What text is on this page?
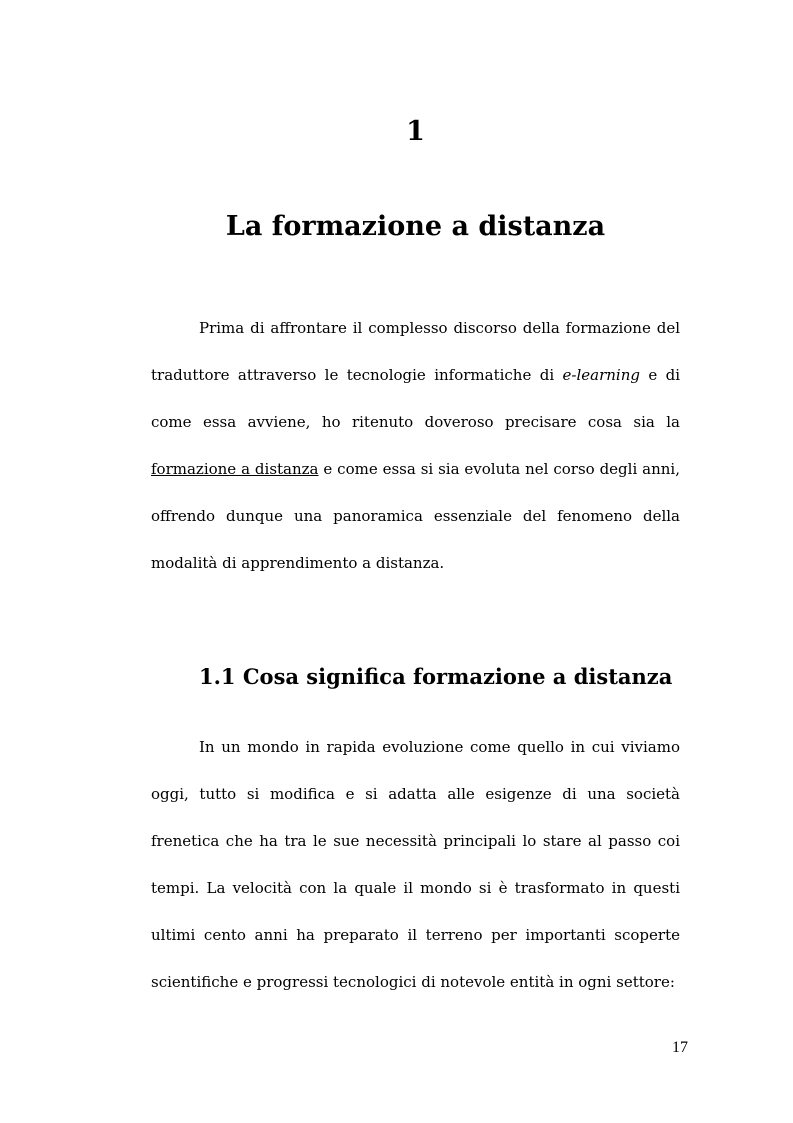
1
La formazione a distanza

Prima di affrontare il complesso discorso della formazione del traduttore attraverso le tecnologie informatiche di e-learning e di come essa avviene, ho ritenuto doveroso precisare cosa sia la formazione a distanza e come essa si sia evoluta nel corso degli anni, offrendo dunque una panoramica essenziale del fenomeno della modalità di apprendimento a distanza.

1.1 Cosa significa formazione a distanza

In un mondo in rapida evoluzione come quello in cui viviamo oggi, tutto si modifica e si adatta alle esigenze di una società frenetica che ha tra le sue necessità principali lo stare al passo coi tempi. La velocità con la quale il mondo si è trasformato in questi ultimi cento anni ha preparato il terreno per importanti scoperte scientifiche e progressi tecnologici di notevole entità in ogni settore:

17
